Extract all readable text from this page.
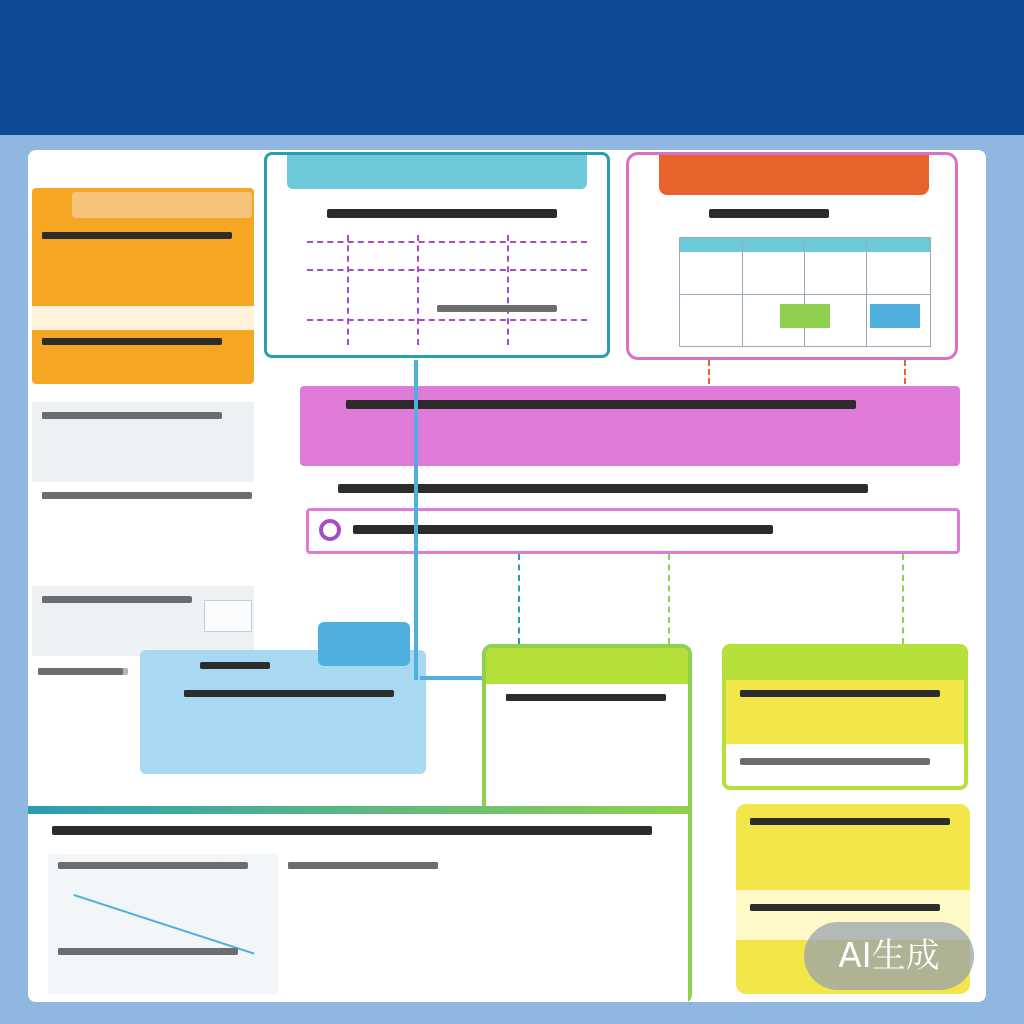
AI生成
